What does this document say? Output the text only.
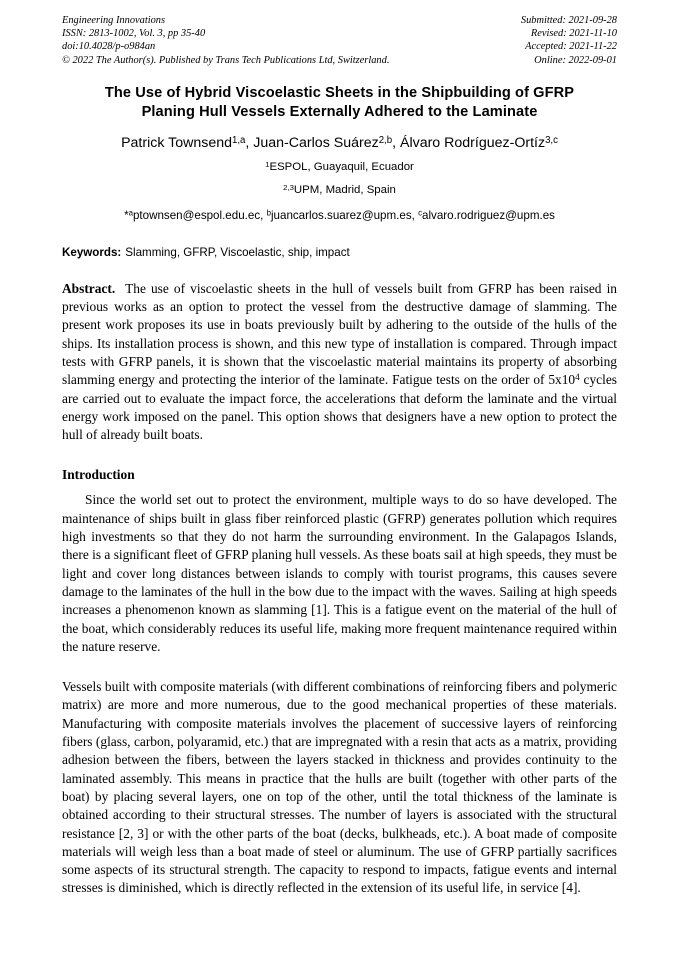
Engineering Innovations
ISSN: 2813-1002, Vol. 3, pp 35-40
doi:10.4028/p-o984an
© 2022 The Author(s). Published by Trans Tech Publications Ltd, Switzerland.
Submitted: 2021-09-28
Revised: 2021-11-10
Accepted: 2021-11-22
Online: 2022-09-01
The Use of Hybrid Viscoelastic Sheets in the Shipbuilding of GFRP
Planing Hull Vessels Externally Adhered to the Laminate
Patrick Townsend$^{1,a}$, Juan-Carlos Suárez$^{2,b}$, Álvaro Rodríguez-Ortíz$^{3,c}$
$^1$ESPOL, Guayaquil, Ecuador
$^{2,3}$UPM, Madrid, Spain
*$^a$ptownsen@espol.edu.ec, $^b$juancarlos.suarez@upm.es, $^c$alvaro.rodriguez@upm.es
Keywords: Slamming, GFRP, Viscoelastic, ship, impact
Abstract. The use of viscoelastic sheets in the hull of vessels built from GFRP has been raised in previous works as an option to protect the vessel from the destructive damage of slamming. The present work proposes its use in boats previously built by adhering to the outside of the hulls of the ships. Its installation process is shown, and this new type of installation is compared. Through impact tests with GFRP panels, it is shown that the viscoelastic material maintains its property of absorbing slamming energy and protecting the interior of the laminate. Fatigue tests on the order of $5x10^4$ cycles are carried out to evaluate the impact force, the accelerations that deform the laminate and the virtual energy work imposed on the panel. This option shows that designers have a new option to protect the hull of already built boats.
Introduction

Since the world set out to protect the environment, multiple ways to do so have developed. The maintenance of ships built in glass fiber reinforced plastic (GFRP) generates pollution which requires high investments so that they do not harm the surrounding environment. In the Galapagos Islands, there is a significant fleet of GFRP planing hull vessels. As these boats sail at high speeds, they must be light and cover long distances between islands to comply with tourist programs, this causes severe damage to the laminates of the hull in the bow due to the impact with the waves. Sailing at high speeds increases a phenomenon known as slamming [1]. This is a fatigue event on the material of the hull of the boat, which considerably reduces its useful life, making more frequent maintenance required within the nature reserve.

Vessels built with composite materials (with different combinations of reinforcing fibers and polymeric matrix) are more and more numerous, due to the good mechanical properties of these materials. Manufacturing with composite materials involves the placement of successive layers of reinforcing fibers (glass, carbon, polyaramid, etc.) that are impregnated with a resin that acts as a matrix, providing adhesion between the fibers, between the layers stacked in thickness and provides continuity to the laminated assembly. This means in practice that the hulls are built (together with other parts of the boat) by placing several layers, one on top of the other, until the total thickness of the laminate is obtained according to their structural stresses. The number of layers is associated with the structural resistance [2, 3] or with the other parts of the boat (decks, bulkheads, etc.). A boat made of composite materials will weigh less than a boat made of steel or aluminum. The use of GFRP partially sacrifices some aspects of its structural strength. The capacity to respond to impacts, fatigue events and internal stresses is diminished, which is directly reflected in the extension of its useful life, in service [4].
